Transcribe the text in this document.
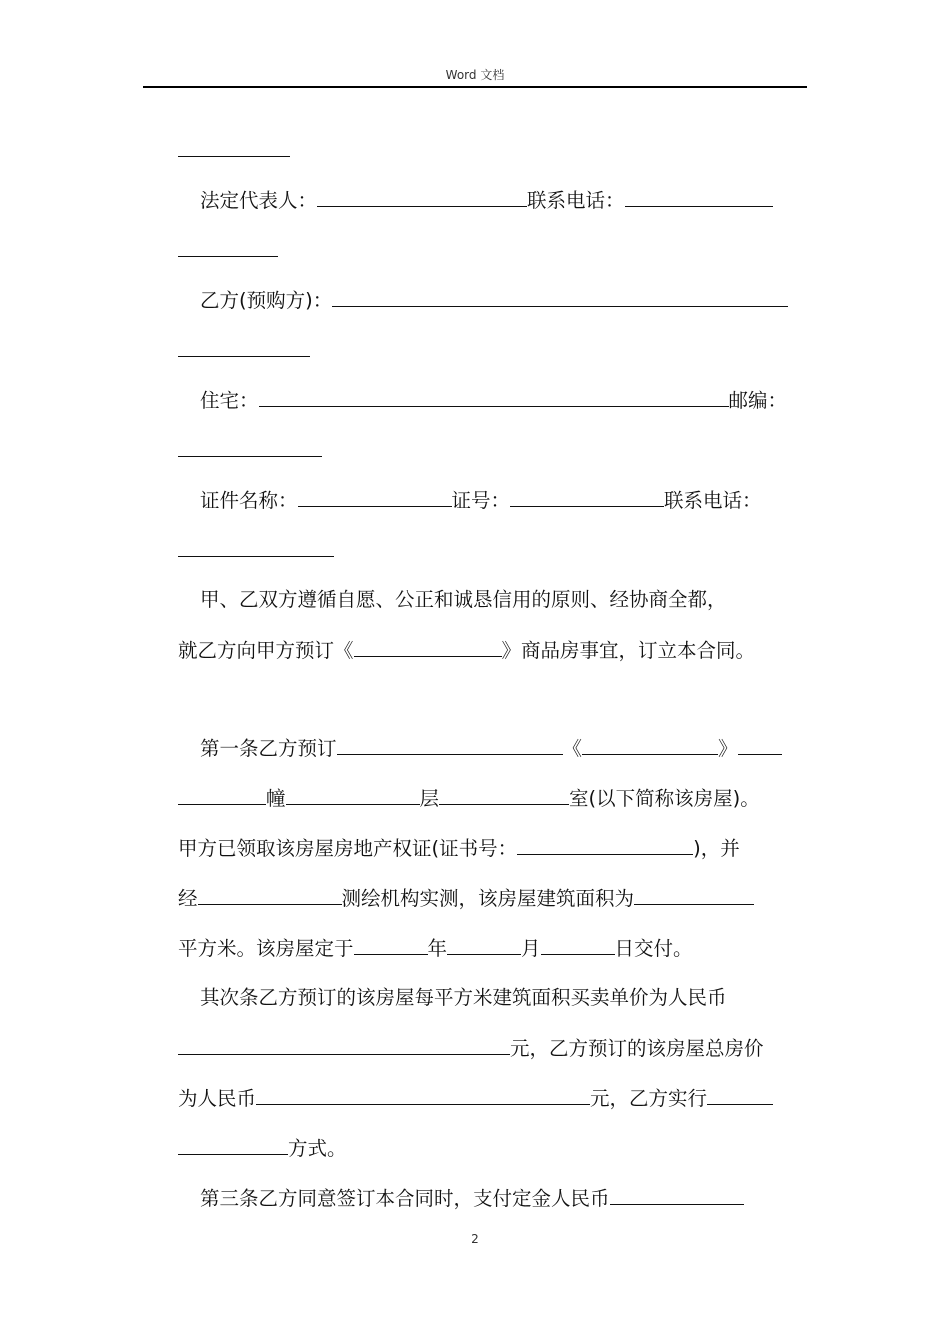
Word 文档
法定代表人：	联系电话：
乙方(预购方)：
住宅：	邮编：
证件名称：	证号：	联系电话：
甲、乙双方遵循自愿、公正和诚恳信用的原则、经协商全都，
就乙方向甲方预订《	》商品房事宜，订立本合同。
第一条乙方预订	《	》
幢	层	室(以下简称该房屋)。
甲方已领取该房屋房地产权证(证书号：	)，并
经	测绘机构实测，该房屋建筑面积为
平方米。该房屋定于	年	月	日交付。
其次条乙方预订的该房屋每平方米建筑面积买卖单价为人民币
元，乙方预订的该房屋总房价
为人民币	元，乙方实行
方式。
第三条乙方同意签订本合同时，支付定金人民币
2
